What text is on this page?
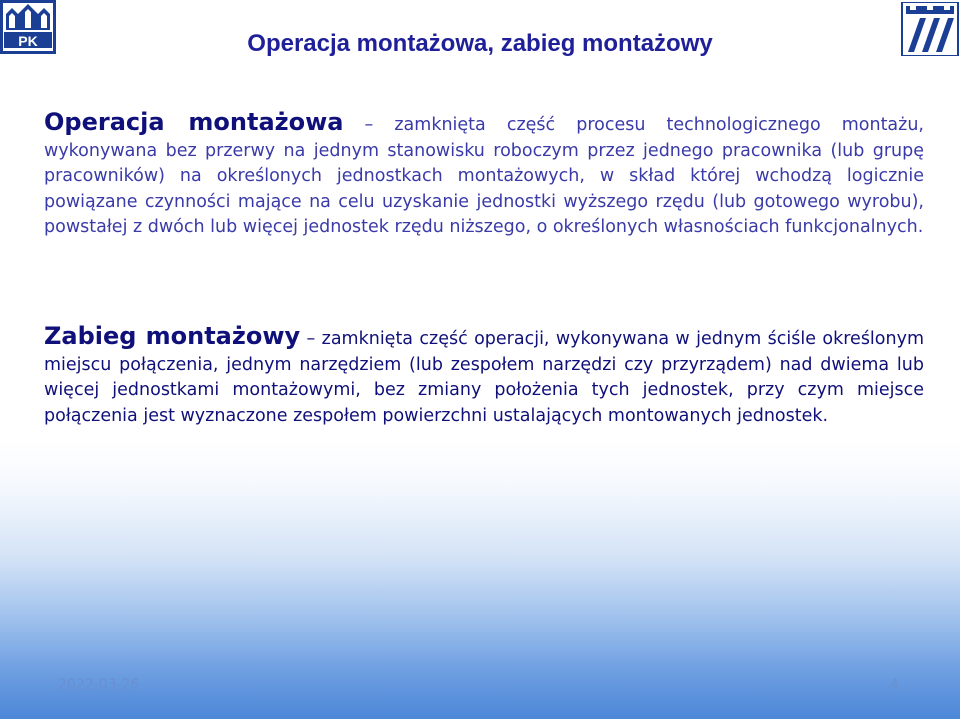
PK	Operacja montażowa, zabieg montażowy

Operacja montażowa – zamknięta część procesu technologicznego montażu, wykonywana bez przerwy na jednym stanowisku roboczym przez jednego pracownika (lub grupę pracowników) na określonych jednostkach montażowych, w skład której wchodzą logicznie powiązane czynności mające na celu uzyskanie jednostki wyższego rzędu (lub gotowego wyrobu), powstałej z dwóch lub więcej jednostek rzędu niższego, o określonych własnościach funkcjonalnych.

Zabieg montażowy – zamknięta część operacji, wykonywana w jednym ściśle określonym miejscu połączenia, jednym narzędziem (lub zespołem narzędzi czy przyrządem) nad dwiema lub więcej jednostkami montażowymi, bez zmiany położenia tych jednostek, przy czym miejsce połączenia jest wyznaczone zespołem powierzchni ustalających montowanych jednostek.

2022-03-26	4
